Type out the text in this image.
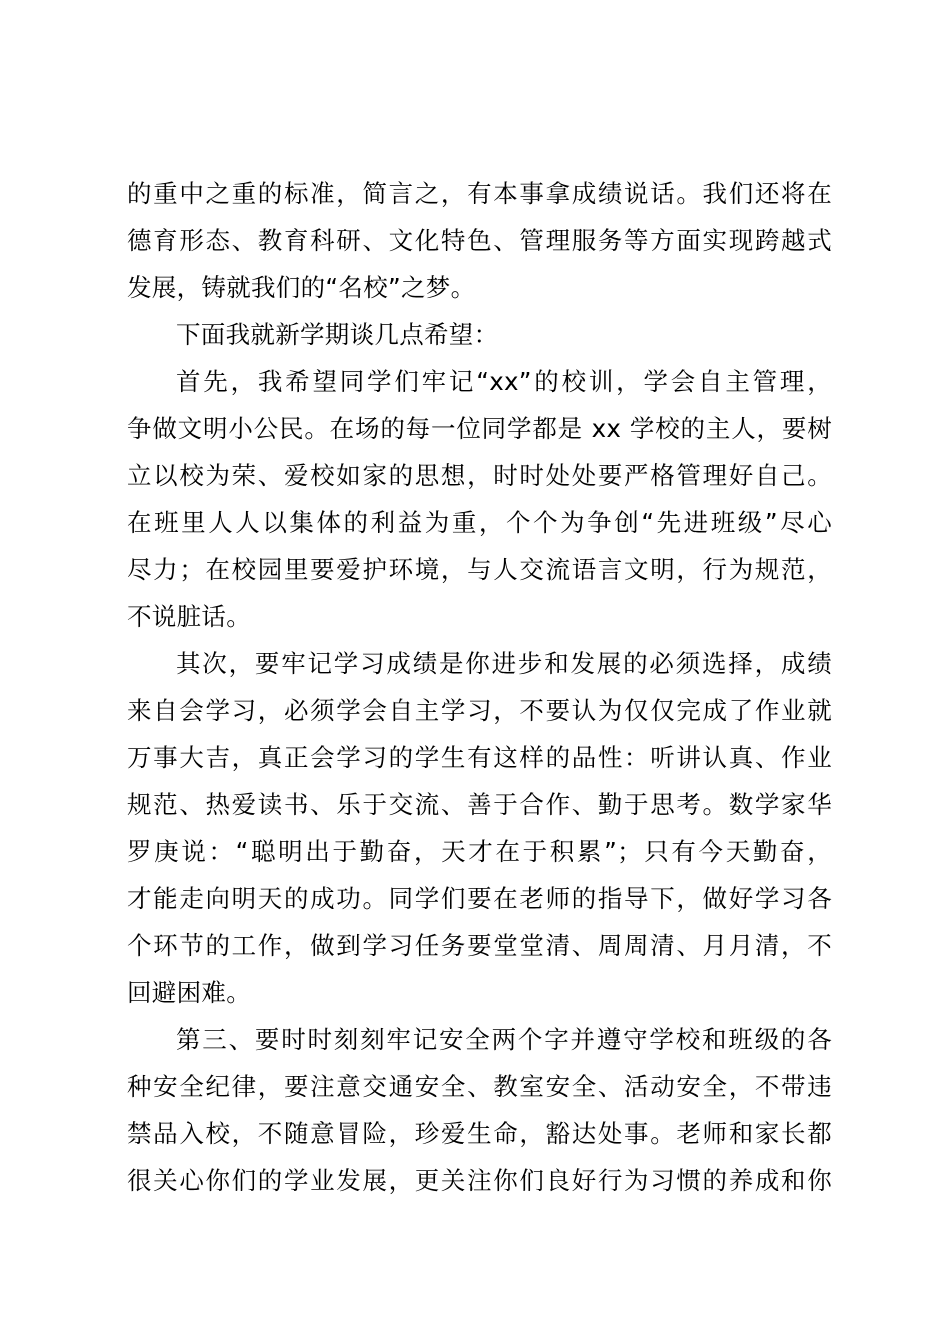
的重中之重的标准，简言之，有本事拿成绩说话。我们还将在
德育形态、教育科研、文化特色、管理服务等方面实现跨越式
发展，铸就我们的“名校”之梦。

下面我就新学期谈几点希望：

首先，我希望同学们牢记“xx”的校训，学会自主管理，
争做文明小公民。在场的每一位同学都是 xx 学校的主人，要树
立以校为荣、爱校如家的思想，时时处处要严格管理好自己。
在班里人人以集体的利益为重，个个为争创“先进班级”尽心
尽力；在校园里要爱护环境，与人交流语言文明，行为规范，
不说脏话。

其次，要牢记学习成绩是你进步和发展的必须选择，成绩
来自会学习，必须学会自主学习，不要认为仅仅完成了作业就
万事大吉，真正会学习的学生有这样的品性：听讲认真、作业
规范、热爱读书、乐于交流、善于合作、勤于思考。数学家华
罗庚说：“聪明出于勤奋，天才在于积累”；只有今天勤奋，
才能走向明天的成功。同学们要在老师的指导下，做好学习各
个环节的工作，做到学习任务要堂堂清、周周清、月月清，不
回避困难。

第三、要时时刻刻牢记安全两个字并遵守学校和班级的各
种安全纪律，要注意交通安全、教室安全、活动安全，不带违
禁品入校，不随意冒险，珍爱生命，豁达处事。老师和家长都
很关心你们的学业发展，更关注你们良好行为习惯的养成和你
